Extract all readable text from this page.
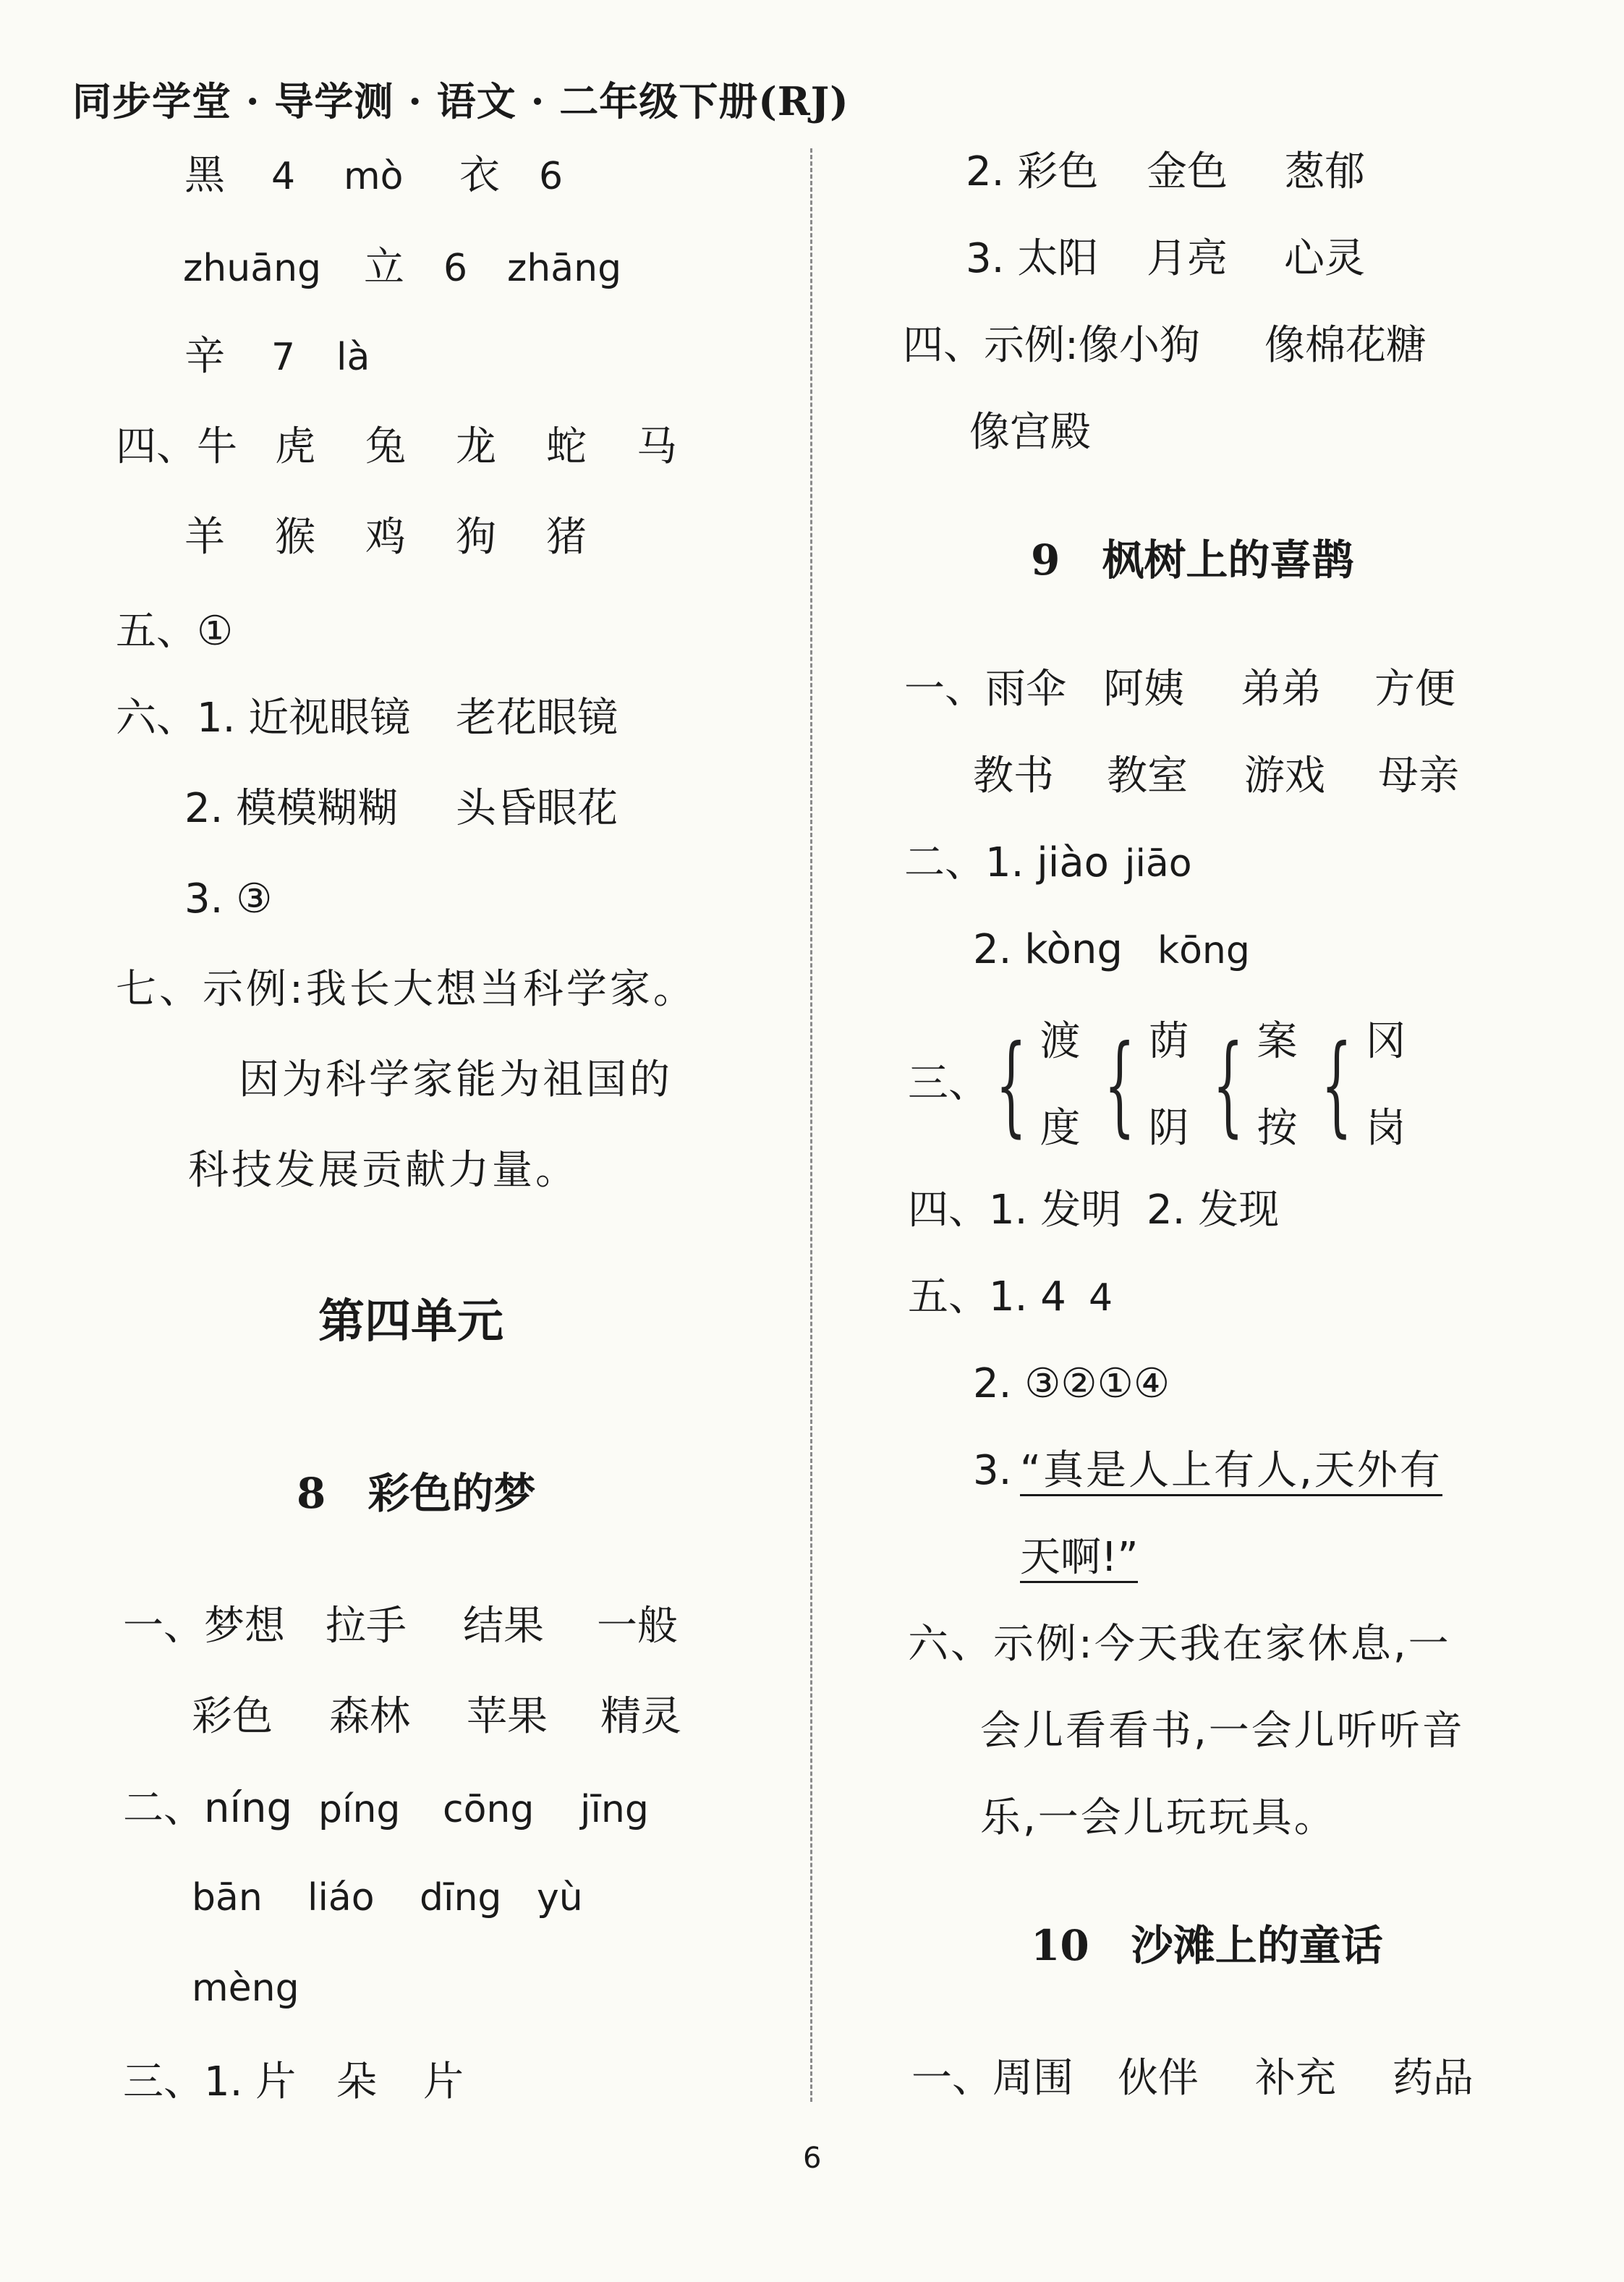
同步学堂 · 导学测 · 语文 · 二年级下册(RJ)
黑 4 mò 衣 6
zhuāng 立 6 zhāng
辛 7 là
四、牛 虎 兔 龙 蛇 马
羊 猴 鸡 狗 猪
五、①
六、1. 近视眼镜 老花眼镜
2. 模模糊糊 头昏眼花
3. ③
七、示例:我长大想当科学家。
因为科学家能为祖国的
科技发展贡献力量。
第四单元
8　彩色的梦
一、梦想 拉手 结果 一般
彩色 森林 苹果 精灵
二、níng píng cōng jīng
bān liáo dīng yù
mèng
三、1. 片 朵 片
2. 彩色 金色 葱郁
3. 太阳 月亮 心灵
四、示例:像小狗 像棉花糖
像宫殿
9　枫树上的喜鹊
一、雨伞 阿姨 弟弟 方便
教书 教室 游戏 母亲
二、1. jiào jiāo
2. kòng kōng
三、 { 渡
度 { 荫
阴 { 案
按 { 冈
岗
四、1. 发明 2. 发现
五、1. 4 4
2. ③②①④
3. “真是人上有人,天外有
天啊!”
六、示例:今天我在家休息,一
会儿看看书,一会儿听听音
乐,一会儿玩玩具。
10　沙滩上的童话
一、周围 伙伴 补充 药品
6
